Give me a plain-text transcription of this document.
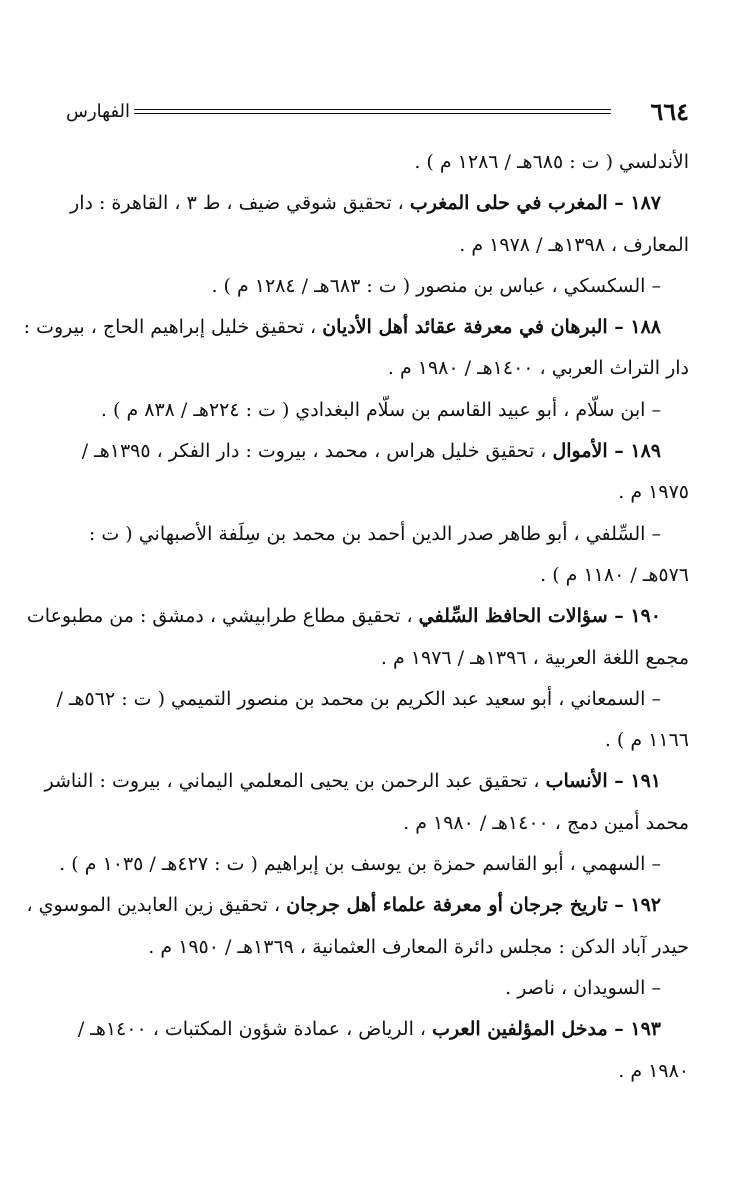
٦٦٤
الفهارس
الأندلسي ( ت : ٦٨٥هـ / ١٢٨٦ م ) .
١٨٧ – المغرب في حلى المغرب ، تحقيق شوقي ضيف ، ط ٣ ، القاهرة : دار
المعارف ، ١٣٩٨هـ / ١٩٧٨ م .
– السكسكي ، عباس بن منصور ( ت : ٦٨٣هـ / ١٢٨٤ م ) .
١٨٨ – البرهان في معرفة عقائد أهل الأديان ، تحقيق خليل إبراهيم الحاج ، بيروت :
دار التراث العربي ، ١٤٠٠هـ / ١٩٨٠ م .
– ابن سلّام ، أبو عبيد القاسم بن سلّام البغدادي ( ت : ٢٢٤هـ / ٨٣٨ م ) .
١٨٩ – الأموال ، تحقيق خليل هراس ، محمد ، بيروت : دار الفكر ، ١٣٩٥هـ /
١٩٧٥ م .
– السِّلفي ، أبو طاهر صدر الدين أحمد بن محمد بن سِلَفة الأصبهاني ( ت :
٥٧٦هـ / ١١٨٠ م ) .
١٩٠ – سؤالات الحافظ السِّلفي ، تحقيق مطاع طرابيشي ، دمشق : من مطبوعات
مجمع اللغة العربية ، ١٣٩٦هـ / ١٩٧٦ م .
– السمعاني ، أبو سعيد عبد الكريم بن محمد بن منصور التميمي ( ت : ٥٦٢هـ /
١١٦٦ م ) .
١٩١ – الأنساب ، تحقيق عبد الرحمن بن يحيى المعلمي اليماني ، بيروت : الناشر
محمد أمين دمج ، ١٤٠٠هـ / ١٩٨٠ م .
– السهمي ، أبو القاسم حمزة بن يوسف بن إبراهيم ( ت : ٤٢٧هـ / ١٠٣٥ م ) .
١٩٢ – تاريخ جرجان أو معرفة علماء أهل جرجان ، تحقيق زين العابدين الموسوي ،
حيدر آباد الدكن : مجلس دائرة المعارف العثمانية ، ١٣٦٩هـ / ١٩٥٠ م .
– السويدان ، ناصر .
١٩٣ – مدخل المؤلفين العرب ، الرياض ، عمادة شؤون المكتبات ، ١٤٠٠هـ /
١٩٨٠ م .
